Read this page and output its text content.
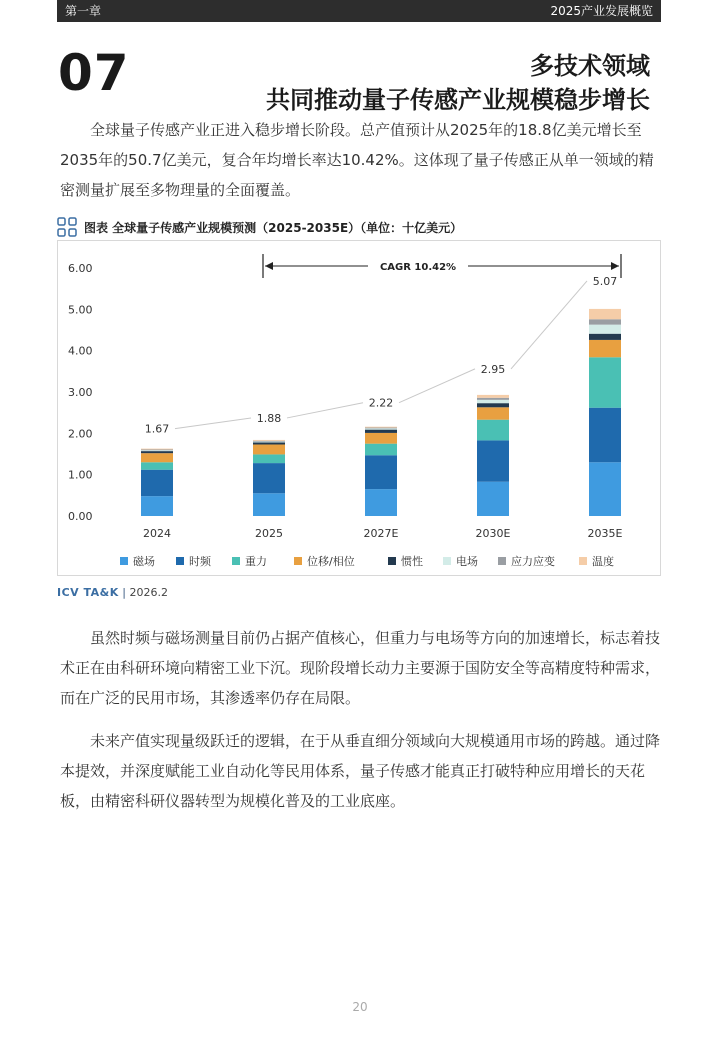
第一章	2025产业发展概览
07	多技术领域
共同推动量子传感产业规模稳步增长
全球量子传感产业正进入稳步增长阶段。总产值预计从2025年的18.8亿美元增长至2035年的50.7亿美元，复合年均增长率达10.42%。这体现了量子传感正从单一领域的精密测量扩展至多物理量的全面覆盖。
图表 全球量子传感产业规模预测（2025-2035E）（单位：十亿美元）
0.00
1.00
2.00
3.00
4.00
5.00
6.00
2024	2025	2027E	2030E	2035E
1.67
1.88
2.22
2.95
5.07
CAGR 10.42%
磁场	时频	重力	位移/相位	惯性	电场	应力应变	温度
ICV TA&K | 2026.2
虽然时频与磁场测量目前仍占据产值核心，但重力与电场等方向的加速增长，标志着技术正在由科研环境向精密工业下沉。现阶段增长动力主要源于国防安全等高精度特种需求，而在广泛的民用市场，其渗透率仍存在局限。
未来产值实现量级跃迁的逻辑，在于从垂直细分领域向大规模通用市场的跨越。通过降本提效，并深度赋能工业自动化等民用体系，量子传感才能真正打破特种应用增长的天花板，由精密科研仪器转型为规模化普及的工业底座。
20
